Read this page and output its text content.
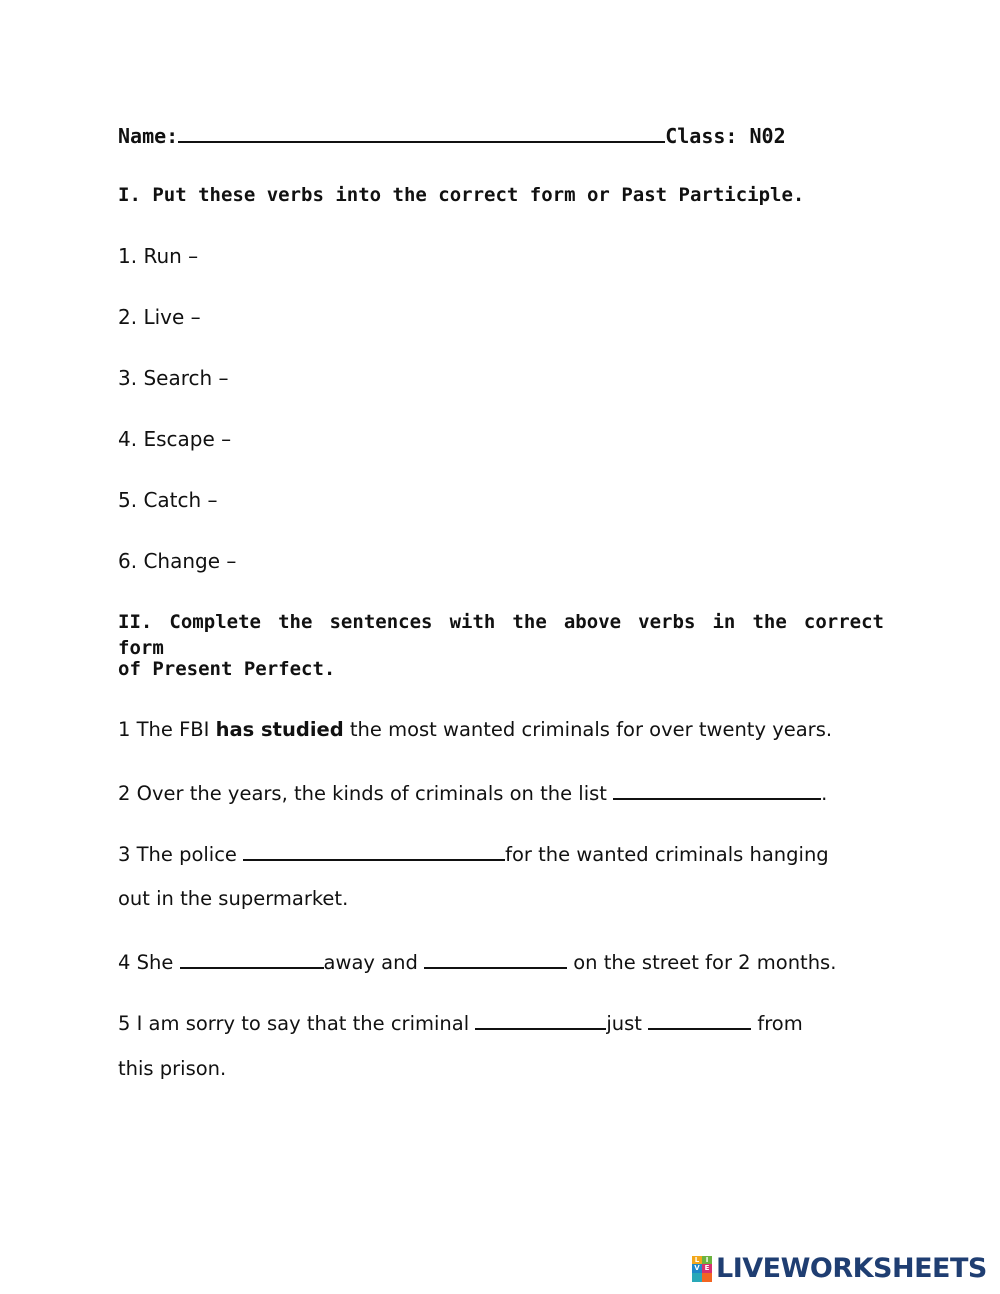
Name:	Class: N02
I. Put these verbs into the correct form or Past Participle.
1. Run –
2. Live –
3. Search –
4. Escape –
5. Catch –
6. Change –
II. Complete the sentences with the above verbs in the correct form
of Present Perfect.
1 The FBI has studied the most wanted criminals for over twenty years.
2 Over the years, the kinds of criminals on the list	.
3 The police	for the wanted criminals hanging
out in the supermarket.
4 She	away and	on the street for 2 months.
5 I am sorry to say that the criminal	just	from
this prison.
L I
V E LIVEWORKSHEETS
